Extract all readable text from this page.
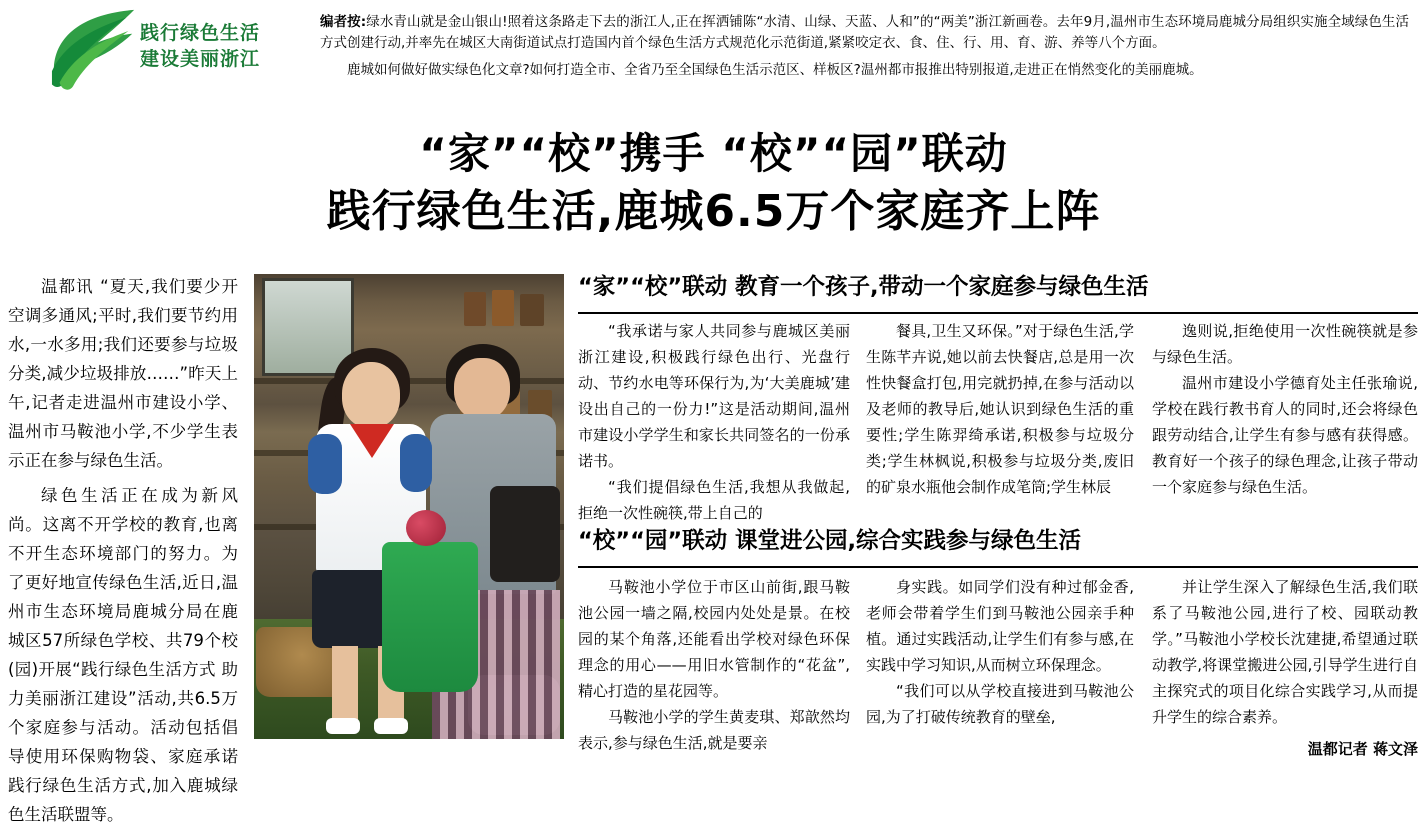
践行绿色生活
建设美丽浙江

编者按:绿水青山就是金山银山!照着这条路走下去的浙江人,正在挥洒铺陈“水清、山绿、天蓝、人和”的“两美”浙江新画卷。去年9月,温州市生态环境局鹿城分局组织实施全域绿色生活方式创建行动,并率先在城区大南街道试点打造国内首个绿色生活方式规范化示范街道,紧紧咬定衣、食、住、行、用、育、游、养等八个方面。

鹿城如何做好做实绿色化文章?如何打造全市、全省乃至全国绿色生活示范区、样板区?温州都市报推出特别报道,走进正在悄然变化的美丽鹿城。

“家”“校”携手 “校”“园”联动
践行绿色生活,鹿城6.5万个家庭齐上阵

温都讯 “夏天,我们要少开空调多通风;平时,我们要节约用水,一水多用;我们还要参与垃圾分类,减少垃圾排放……”昨天上午,记者走进温州市建设小学、温州市马鞍池小学,不少学生表示正在参与绿色生活。

绿色生活正在成为新风尚。这离不开学校的教育,也离不开生态环境部门的努力。为了更好地宣传绿色生活,近日,温州市生态环境局鹿城分局在鹿城区57所绿色学校、共79个校(园)开展“践行绿色生活方式 助力美丽浙江建设”活动,共6.5万个家庭参与活动。活动包括倡导使用环保购物袋、家庭承诺践行绿色生活方式,加入鹿城绿色生活联盟等。

“家”“校”联动 教育一个孩子,带动一个家庭参与绿色生活

“我承诺与家人共同参与鹿城区美丽浙江建设,积极践行绿色出行、光盘行动、节约水电等环保行为,为‘大美鹿城’建设出自己的一份力!”这是活动期间,温州市建设小学学生和家长共同签名的一份承诺书。

“我们提倡绿色生活,我想从我做起,拒绝一次性碗筷,带上自己的

餐具,卫生又环保。”对于绿色生活,学生陈芊卉说,她以前去快餐店,总是用一次性快餐盒打包,用完就扔掉,在参与活动以及老师的教导后,她认识到绿色生活的重要性;学生陈羿绮承诺,积极参与垃圾分类;学生林枫说,积极参与垃圾分类,废旧的矿泉水瓶他会制作成笔筒;学生林辰

逸则说,拒绝使用一次性碗筷就是参与绿色生活。

温州市建设小学德育处主任张瑜说,学校在践行教书育人的同时,还会将绿色跟劳动结合,让学生有参与感有获得感。教育好一个孩子的绿色理念,让孩子带动一个家庭参与绿色生活。

“校”“园”联动 课堂进公园,综合实践参与绿色生活

马鞍池小学位于市区山前街,跟马鞍池公园一墙之隔,校园内处处是景。在校园的某个角落,还能看出学校对绿色环保理念的用心——用旧水管制作的“花盆”,精心打造的星花园等。

马鞍池小学的学生黄麦琪、郑歆然均表示,参与绿色生活,就是要亲

身实践。如同学们没有种过郁金香,老师会带着学生们到马鞍池公园亲手种植。通过实践活动,让学生们有参与感,在实践中学习知识,从而树立环保理念。

“我们可以从学校直接进到马鞍池公园,为了打破传统教育的壁垒,

并让学生深入了解绿色生活,我们联系了马鞍池公园,进行了校、园联动教学。”马鞍池小学校长沈建捷,希望通过联动教学,将课堂搬进公园,引导学生进行自主探究式的项目化综合实践学习,从而提升学生的综合素养。

温都记者 蒋文泽
